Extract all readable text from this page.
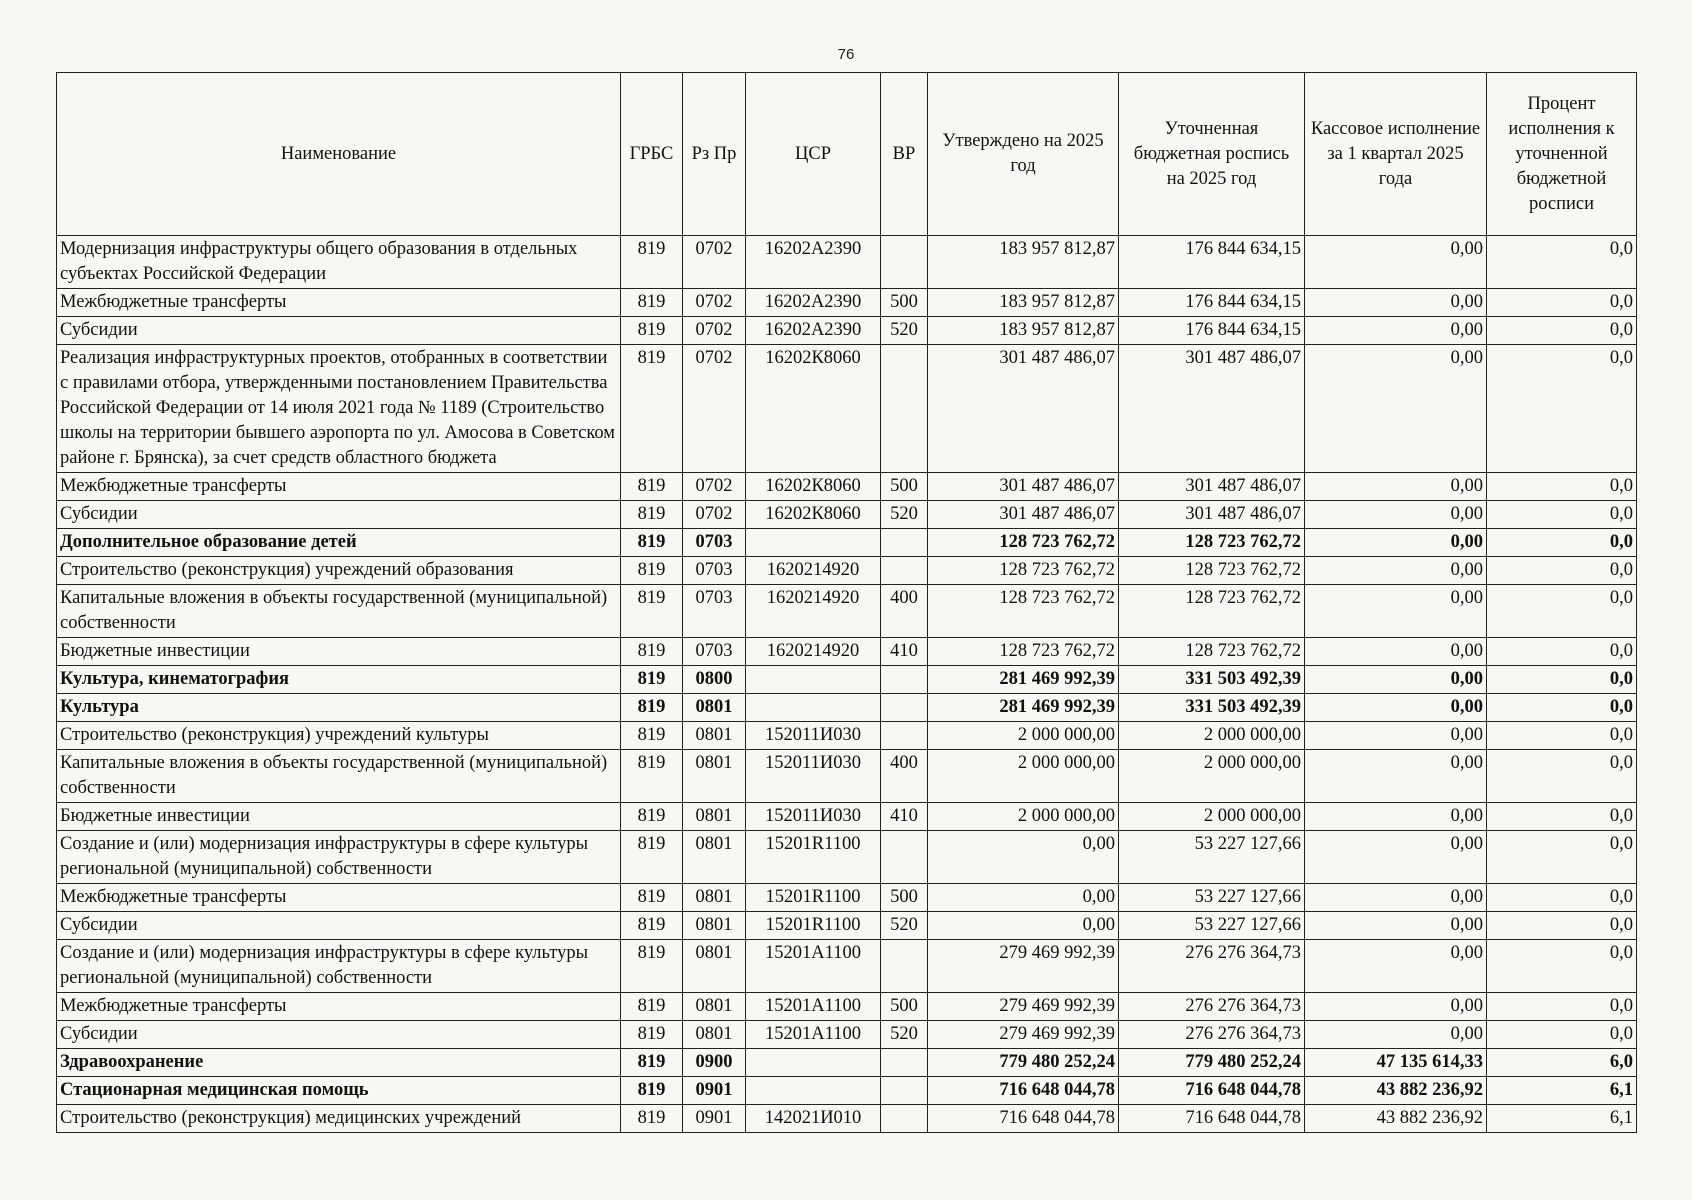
76
Наименование	ГРБС	Рз Пр	ЦСР	ВР	Утверждено на 2025 год	Уточненная бюджетная роспись на 2025 год	Кассовое исполнение за 1 квартал 2025 года	Процент исполнения к уточненной бюджетной росписи
Модернизация инфраструктуры общего образования в отдельных субъектах Российской Федерации	819	0702	16202А2390		183 957 812,87	176 844 634,15	0,00	0,0
Межбюджетные трансферты	819	0702	16202А2390	500	183 957 812,87	176 844 634,15	0,00	0,0
Субсидии	819	0702	16202А2390	520	183 957 812,87	176 844 634,15	0,00	0,0
Реализация инфраструктурных проектов, отобранных в соответствии с правилами отбора, утвержденными постановлением Правительства Российской Федерации от 14 июля 2021 года № 1189 (Строительство школы на территории бывшего аэропорта по ул. Амосова в Советском районе г. Брянска), за счет средств областного бюджета	819	0702	16202К8060		301 487 486,07	301 487 486,07	0,00	0,0
Межбюджетные трансферты	819	0702	16202К8060	500	301 487 486,07	301 487 486,07	0,00	0,0
Субсидии	819	0702	16202К8060	520	301 487 486,07	301 487 486,07	0,00	0,0
Дополнительное образование детей	819	0703			128 723 762,72	128 723 762,72	0,00	0,0
Строительство (реконструкция) учреждений образования	819	0703	1620214920		128 723 762,72	128 723 762,72	0,00	0,0
Капитальные вложения в объекты государственной (муниципальной) собственности	819	0703	1620214920	400	128 723 762,72	128 723 762,72	0,00	0,0
Бюджетные инвестиции	819	0703	1620214920	410	128 723 762,72	128 723 762,72	0,00	0,0
Культура, кинематография	819	0800			281 469 992,39	331 503 492,39	0,00	0,0
Культура	819	0801			281 469 992,39	331 503 492,39	0,00	0,0
Строительство (реконструкция) учреждений культуры	819	0801	152011И030		2 000 000,00	2 000 000,00	0,00	0,0
Капитальные вложения в объекты государственной (муниципальной) собственности	819	0801	152011И030	400	2 000 000,00	2 000 000,00	0,00	0,0
Бюджетные инвестиции	819	0801	152011И030	410	2 000 000,00	2 000 000,00	0,00	0,0
Создание и (или) модернизация инфраструктуры в сфере культуры региональной (муниципальной) собственности	819	0801	15201R1100		0,00	53 227 127,66	0,00	0,0
Межбюджетные трансферты	819	0801	15201R1100	500	0,00	53 227 127,66	0,00	0,0
Субсидии	819	0801	15201R1100	520	0,00	53 227 127,66	0,00	0,0
Создание и (или) модернизация инфраструктуры в сфере культуры региональной (муниципальной) собственности	819	0801	15201А1100		279 469 992,39	276 276 364,73	0,00	0,0
Межбюджетные трансферты	819	0801	15201А1100	500	279 469 992,39	276 276 364,73	0,00	0,0
Субсидии	819	0801	15201А1100	520	279 469 992,39	276 276 364,73	0,00	0,0
Здравоохранение	819	0900			779 480 252,24	779 480 252,24	47 135 614,33	6,0
Стационарная медицинская помощь	819	0901			716 648 044,78	716 648 044,78	43 882 236,92	6,1
Строительство (реконструкция) медицинских учреждений	819	0901	142021И010		716 648 044,78	716 648 044,78	43 882 236,92	6,1
